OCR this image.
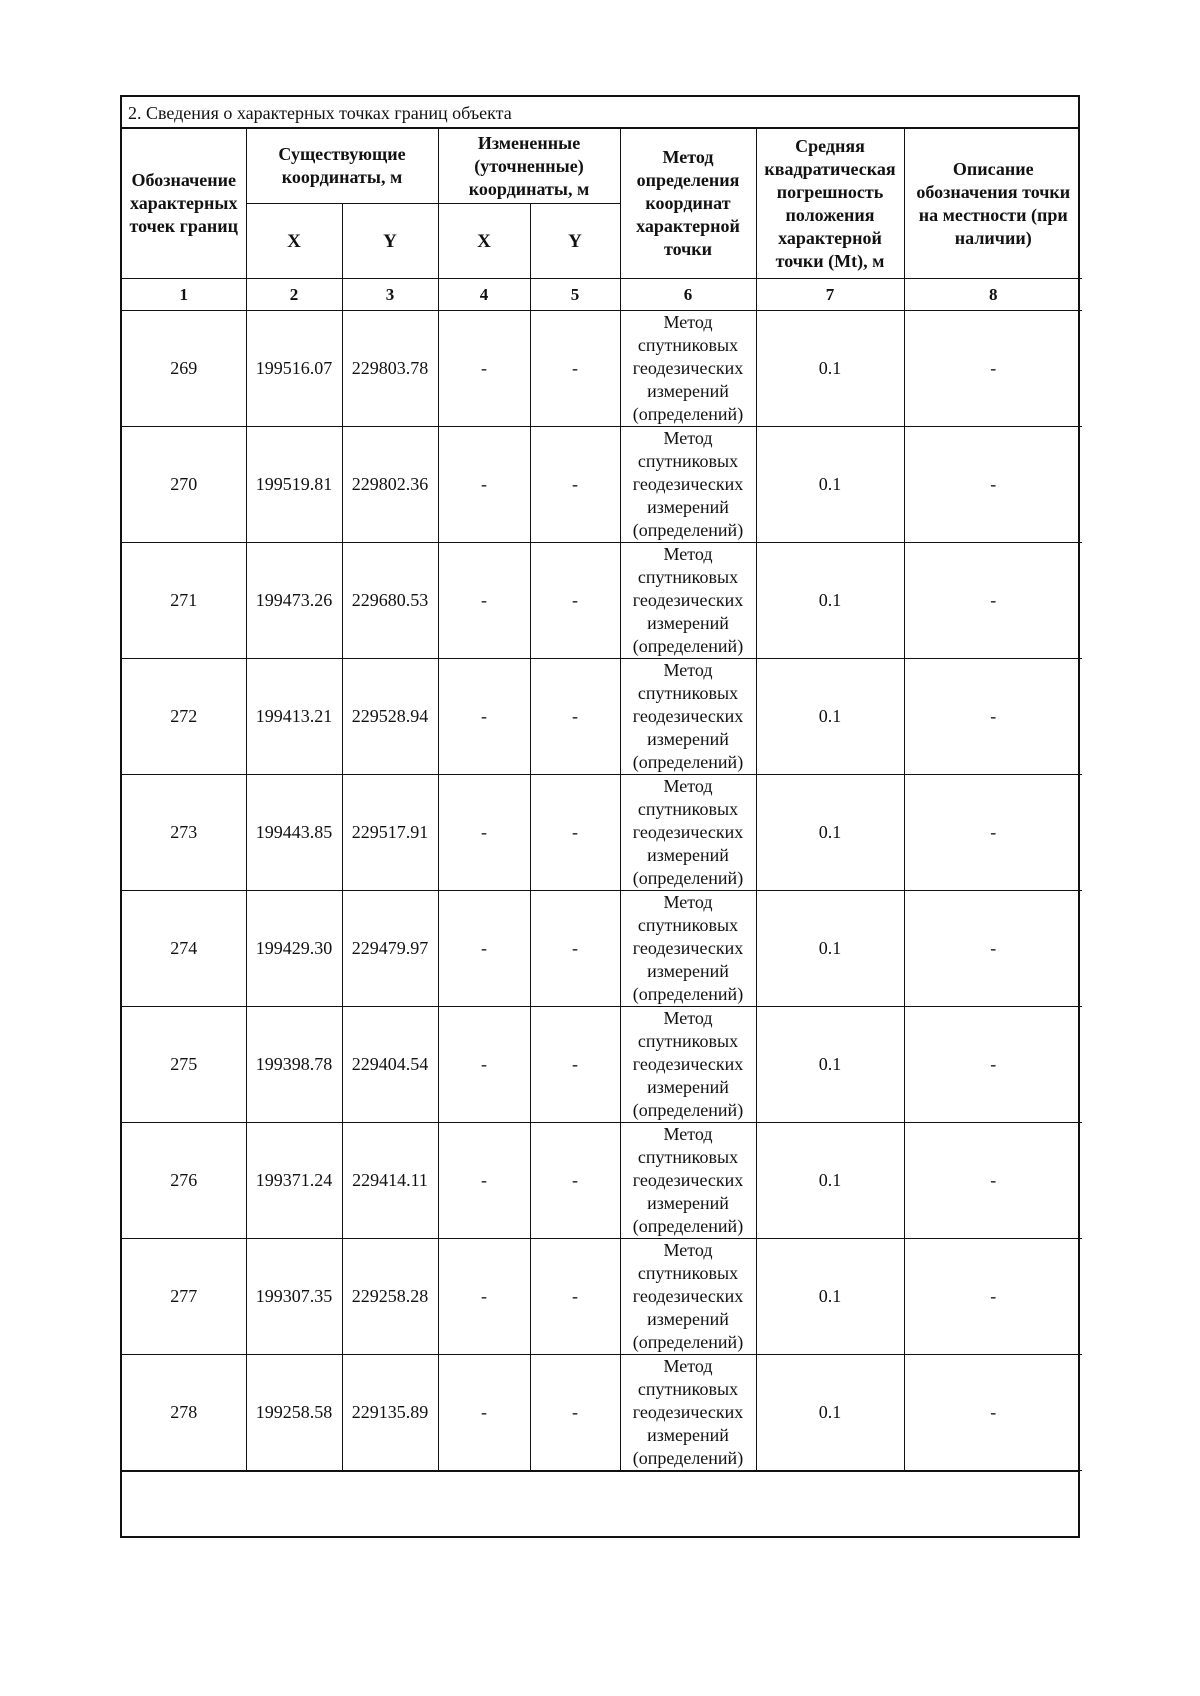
2. Сведения о характерных точках границ объекта
Обозначение характерных точек границ	Существующие координаты, м		Измененные (уточненные) координаты, м		Метод определения координат характерной точки	Средняя квадратическая погрешность положения характерной точки (Mt), м	Описание обозначения точки на местности (при наличии)
	X	Y	X	Y			
1	2	3	4	5	6	7	8
269	199516.07	229803.78	-	-	Метод спутниковых геодезических измерений (определений)	0.1	-
270	199519.81	229802.36	-	-	Метод спутниковых геодезических измерений (определений)	0.1	-
271	199473.26	229680.53	-	-	Метод спутниковых геодезических измерений (определений)	0.1	-
272	199413.21	229528.94	-	-	Метод спутниковых геодезических измерений (определений)	0.1	-
273	199443.85	229517.91	-	-	Метод спутниковых геодезических измерений (определений)	0.1	-
274	199429.30	229479.97	-	-	Метод спутниковых геодезических измерений (определений)	0.1	-
275	199398.78	229404.54	-	-	Метод спутниковых геодезических измерений (определений)	0.1	-
276	199371.24	229414.11	-	-	Метод спутниковых геодезических измерений (определений)	0.1	-
277	199307.35	229258.28	-	-	Метод спутниковых геодезических измерений (определений)	0.1	-
278	199258.58	229135.89	-	-	Метод спутниковых геодезических измерений (определений)	0.1	-
